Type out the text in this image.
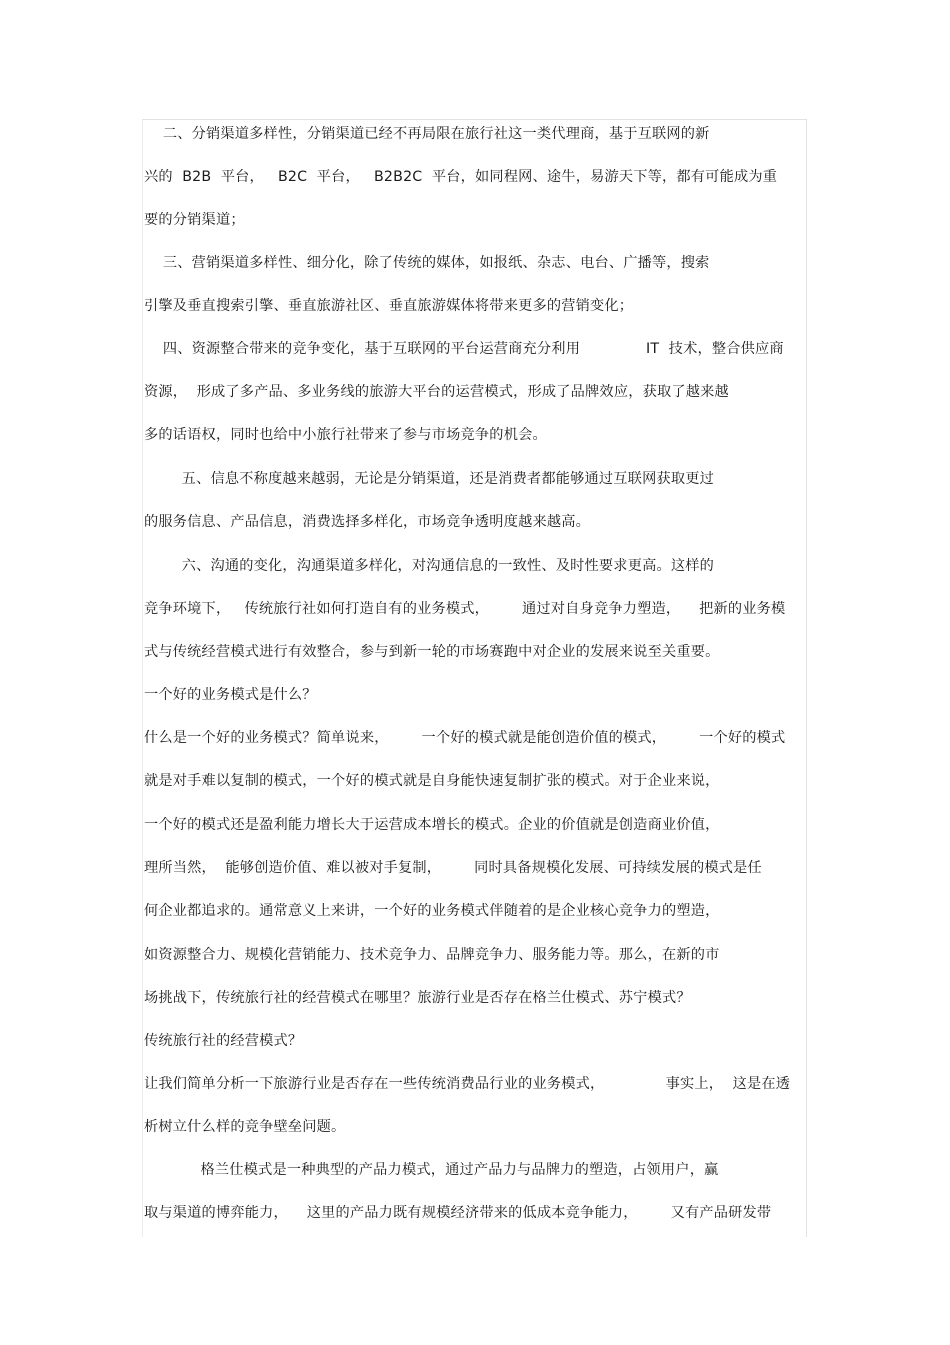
二、分销渠道多样性，分销渠道已经不再局限在旅行社这一类代理商，基于互联网的新
兴的  B2B  平台，   B2C  平台，   B2B2C  平台，如同程网、途牛，易游天下等，都有可能成为重
要的分销渠道；
三、营销渠道多样性、细分化，除了传统的媒体，如报纸、杂志、电台、广播等，搜索
引擎及垂直搜索引擎、垂直旅游社区、垂直旅游媒体将带来更多的营销变化；
四、资源整合带来的竞争变化，基于互联网的平台运营商充分利用              IT  技术，整合供应商
资源，  形成了多产品、多业务线的旅游大平台的运营模式，形成了品牌效应，获取了越来越
多的话语权，同时也给中小旅行社带来了参与市场竞争的机会。
五、信息不称度越来越弱，无论是分销渠道，还是消费者都能够通过互联网获取更过
的服务信息、产品信息，消费选择多样化，市场竞争透明度越来越高。
六、沟通的变化，沟通渠道多样化，对沟通信息的一致性、及时性要求更高。这样的
竞争环境下，   传统旅行社如何打造自有的业务模式，       通过对自身竞争力塑造，    把新的业务模
式与传统经营模式进行有效整合，参与到新一轮的市场赛跑中对企业的发展来说至关重要。
一个好的业务模式是什么？
什么是一个好的业务模式？简单说来，       一个好的模式就是能创造价值的模式，       一个好的模式
就是对手难以复制的模式，一个好的模式就是自身能快速复制扩张的模式。对于企业来说，
一个好的模式还是盈利能力增长大于运营成本增长的模式。企业的价值就是创造商业价值，
理所当然，  能够创造价值、难以被对手复制，       同时具备规模化发展、可持续发展的模式是任
何企业都追求的。通常意义上来讲，一个好的业务模式伴随着的是企业核心竞争力的塑造，
如资源整合力、规模化营销能力、技术竞争力、品牌竞争力、服务能力等。那么，在新的市
场挑战下，传统旅行社的经营模式在哪里？旅游行业是否存在格兰仕模式、苏宁模式？
传统旅行社的经营模式？
让我们简单分析一下旅游行业是否存在一些传统消费品行业的业务模式，             事实上，  这是在透
析树立什么样的竞争壁垒问题。
格兰仕模式是一种典型的产品力模式，通过产品力与品牌力的塑造，占领用户，赢
取与渠道的博弈能力，    这里的产品力既有规模经济带来的低成本竞争能力，       又有产品研发带
